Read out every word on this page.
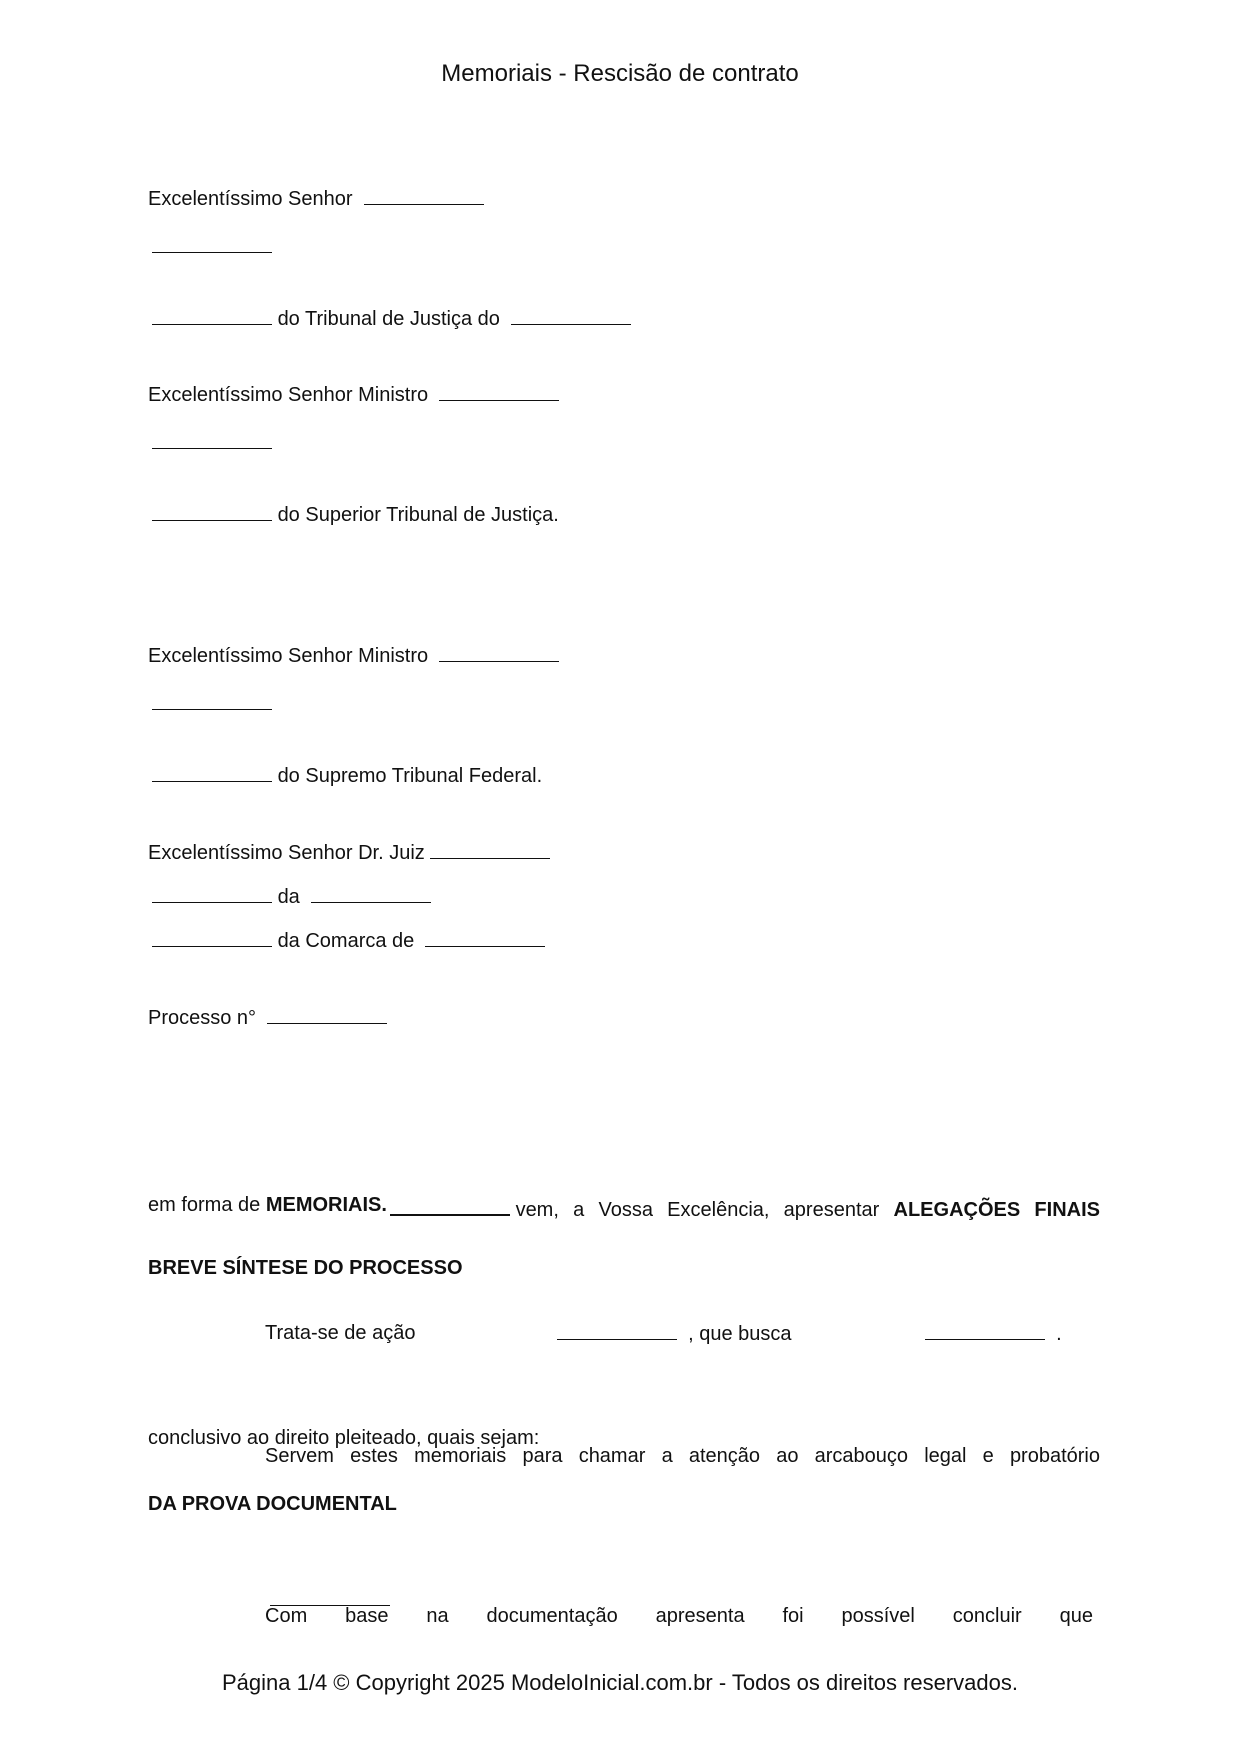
Memoriais - Rescisão de contrato
Excelentíssimo Senhor
do Tribunal de Justiça do
Excelentíssimo Senhor Ministro
do Superior Tribunal de Justiça.
Excelentíssimo Senhor Ministro
do Supremo Tribunal Federal.
Excelentíssimo Senhor Dr. Juiz
da
da Comarca de
Processo n°

vem, a Vossa Excelência, apresentar ALEGAÇÕES FINAIS

em forma de MEMORIAIS.
BREVE SÍNTESE DO PROCESSO
Trata-se de ação	, que busca	.

Servem estes memoriais para chamar a atenção ao arcabouço legal e probatório

conclusivo ao direito pleiteado, quais sejam:
DA PROVA DOCUMENTAL

Com base na documentação apresenta foi possível concluir que

Página 1/4 © Copyright 2025 ModeloInicial.com.br - Todos os direitos reservados.
